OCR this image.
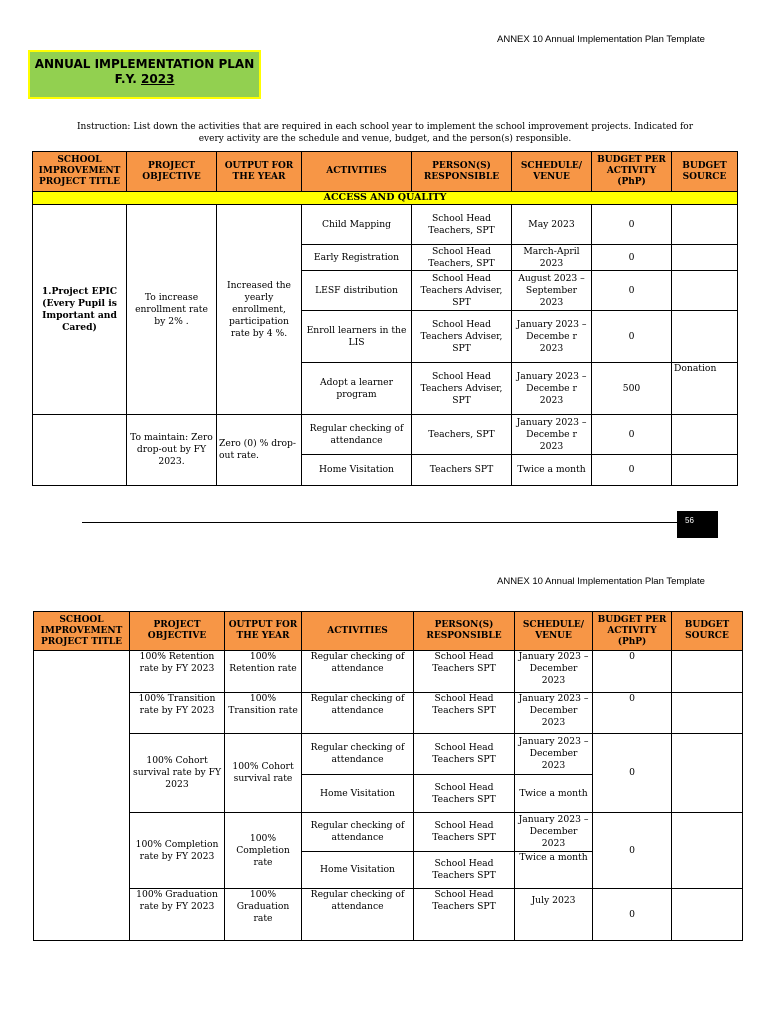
ANNEX 10 Annual Implementation Plan Template
ANNUAL IMPLEMENTATION PLAN
F.Y. 2023
Instruction: List down the activities that are required in each school year to implement the school improvement projects. Indicated for
every activity are the schedule and venue, budget, and the person(s) responsible.
SCHOOL IMPROVEMENT PROJECT TITLE	PROJECT OBJECTIVE	OUTPUT FOR THE YEAR	ACTIVITIES	PERSON(S) RESPONSIBLE	SCHEDULE/ VENUE	BUDGET PER ACTIVITY (PhP)	BUDGET SOURCE
ACCESS AND QUALITY							
1.Project EPIC (Every Pupil is Important and Cared)	To increase enrollment rate by 2% .	Increased the yearly enrollment, participation rate by 4 %.	Child Mapping	School Head Teachers, SPT	May 2023	0	
			Early Registration	School Head Teachers, SPT	March-April 2023	0	
			LESF distribution	School Head Teachers Adviser, SPT	August 2023 – September 2023	0	
			Enroll learners in the LIS	School Head Teachers Adviser, SPT	January 2023 – Decembe r 2023	0	
			Adopt a learner program	School Head Teachers Adviser, SPT	January 2023 – Decembe r 2023	500	Donation
	To maintain: Zero drop-out by FY 2023.	Zero (0) % drop-out rate.	Regular checking of attendance	Teachers, SPT	January 2023 – Decembe r 2023	0	
			Home Visitation	Teachers SPT	Twice a month	0	
56
ANNEX 10 Annual Implementation Plan Template
SCHOOL IMPROVEMENT PROJECT TITLE	PROJECT OBJECTIVE	OUTPUT FOR THE YEAR	ACTIVITIES	PERSON(S) RESPONSIBLE	SCHEDULE/ VENUE	BUDGET PER ACTIVITY (PhP)	BUDGET SOURCE
	100% Retention rate by FY 2023	100% Retention rate	Regular checking of attendance	School Head Teachers SPT	January 2023 – December 2023	0	
	100% Transition rate by FY 2023	100% Transition rate	Regular checking of attendance	School Head Teachers SPT	January 2023 – December 2023	0	
	100% Cohort survival rate by FY 2023	100% Cohort survival rate	Regular checking of attendance	School Head Teachers SPT	January 2023 – December 2023	0	
			Home Visitation	School Head Teachers SPT	Twice a month		
	100% Completion rate by FY 2023	100% Completion rate	Regular checking of attendance	School Head Teachers SPT	January 2023 – December 2023	0	
			Home Visitation	School Head Teachers SPT	Twice a month		
	100% Graduation rate by FY 2023	100% Graduation rate	Regular checking of attendance	School Head Teachers SPT	July 2023	0	
